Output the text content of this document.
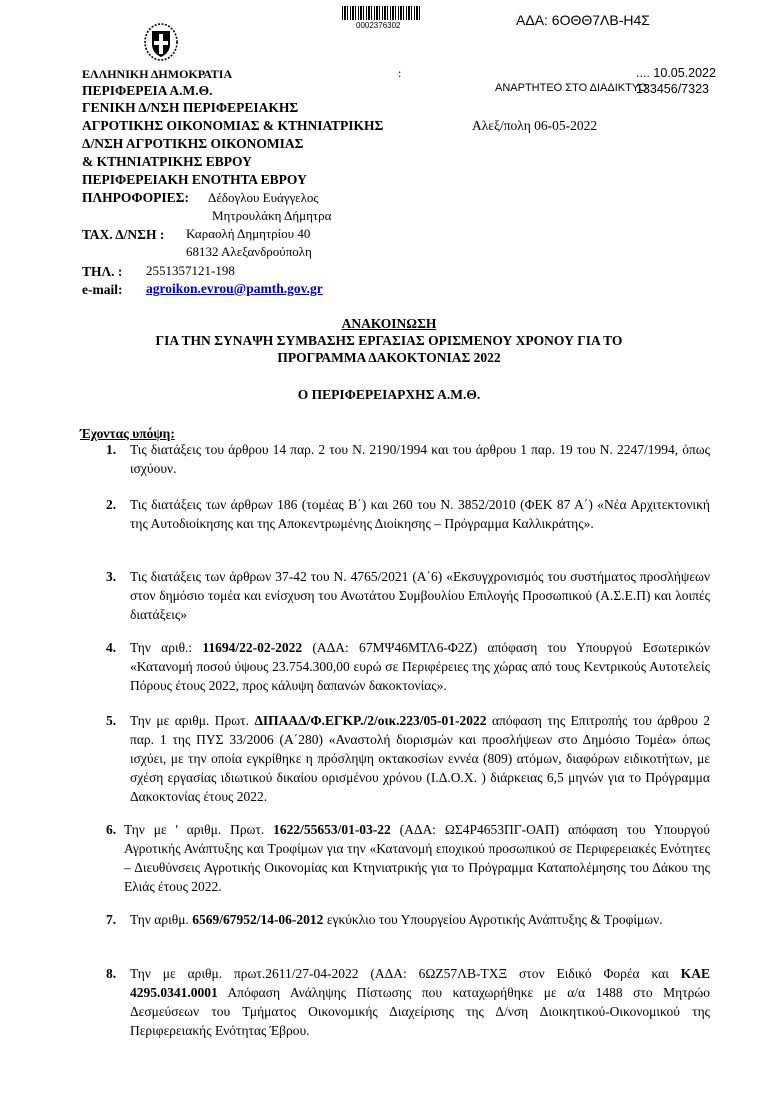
0002376302	ΑΔΑ: 6ΟΘΘ7ΛΒ-Η4Σ
ΕΛΛΗΝΙΚΗ ΔΗΜΟΚΡΑΤΙΑ	:
ΠΕΡΙΦΕΡΕΙΑ Α.Μ.Θ.
ΓΕΝΙΚΗ Δ/ΝΣΗ ΠΕΡΙΦΕΡΕΙΑΚΗΣ
ΑΓΡΟΤΙΚΗΣ ΟΙΚΟΝΟΜΙΑΣ & ΚΤΗΝΙΑΤΡΙΚΗΣ
Δ/ΝΣΗ ΑΓΡΟΤΙΚΗΣ ΟΙΚΟΝΟΜΙΑΣ
& ΚΤΗΝΙΑΤΡΙΚΗΣ ΕΒΡΟΥ
ΠΕΡΙΦΕΡΕΙΑΚΗ ΕΝΟΤΗΤΑ ΕΒΡΟΥ
ΠΛΗΡΟΦΟΡΙΕΣ: Δέδογλου Ευάγγελος
Μητρουλάκη Δήμητρα
ΤΑΧ. Δ/ΝΣΗ : Καραολή Δημητρίου 40
68132 Αλεξανδρούπολη
ΤΗΛ. : 2551357121-198
e-mail: agroikon.evrou@pamth.gov.gr
.... 10.05.2022
ΑΝΑΡΤΗΤΕΟ ΣΤΟ ΔΙΑΔΙΚΤΥΟ
133456/7323
Αλεξ/πολη 06-05-2022
ΑΝΑΚΟΙΝΩΣΗ
ΓΙΑ ΤΗΝ ΣΥΝΑΨΗ ΣΥΜΒΑΣΗΣ ΕΡΓΑΣΙΑΣ ΟΡΙΣΜΕΝΟΥ ΧΡΟΝΟΥ ΓΙΑ ΤΟ
ΠΡΟΓΡΑΜΜΑ ΔΑΚΟΚΤΟΝΙΑΣ 2022
Ο ΠΕΡΙΦΕΡΕΙΑΡΧΗΣ Α.Μ.Θ.
Έχοντας υπόψη:
1.	Τις διατάξεις του άρθρου 14 παρ. 2 του Ν. 2190/1994 και του άρθρου 1 παρ. 19 του Ν. 2247/1994, όπως ισχύουν.
2.	Τις διατάξεις των άρθρων 186 (τομέας Β΄) και 260 του Ν. 3852/2010 (ΦΕΚ 87 Α΄) «Νέα Αρχιτεκτονική της Αυτοδιοίκησης και της Αποκεντρωμένης Διοίκησης – Πρόγραμμα Καλλικράτης».
3.	Τις διατάξεις των άρθρων 37-42 του Ν. 4765/2021 (Α΄6) «Εκσυγχρονισμός του συστήματος προσλήψεων στον δημόσιο τομέα και ενίσχυση του Ανωτάτου Συμβουλίου Επιλογής Προσωπικού (Α.Σ.Ε.Π) και λοιπές διατάξεις»
4.	Την αριθ.: 11694/22-02-2022 (ΑΔΑ: 67ΜΨ46ΜΤΛ6-Φ2Ζ) απόφαση του Υπουργού Εσωτερικών «Κατανομή ποσού ύψους 23.754.300,00 ευρώ σε Περιφέρειες της χώρας από τους Κεντρικούς Αυτοτελείς Πόρους έτους 2022, προς κάλυψη δαπανών δακοκτονίας».
5.	Την με αριθμ. Πρωτ. ΔΙΠΑΑΔ/Φ.ΕΓΚΡ./2/οικ.223/05-01-2022 απόφαση της Επιτροπής του άρθρου 2 παρ. 1 της ΠΥΣ 33/2006 (Α΄280) «Αναστολή διορισμών και προσλήψεων στο Δημόσιο Τομέα» όπως ισχύει, με την οποία εγκρίθηκε η πρόσληψη οκτακοσίων εννέα (809) ατόμων, διαφόρων ειδικοτήτων, με σχέση εργασίας ιδιωτικού δικαίου ορισμένου χρόνου (Ι.Δ.Ο.Χ. ) διάρκειας 6,5 μηνών για το Πρόγραμμα Δακοκτονίας έτους 2022.
6. Την με ' αριθμ. Πρωτ. 1622/55653/01-03-22 (ΑΔΑ: ΩΣ4Ρ4653ΠΓ-ΟΑΠ) απόφαση του Υπουργού Αγροτικής Ανάπτυξης και Τροφίμων για την «Κατανομή εποχικού προσωπικού σε Περιφερειακές Ενότητες – Διευθύνσεις Αγροτικής Οικονομίας και Κτηνιατρικής για το Πρόγραμμα Καταπολέμησης του Δάκου της Ελιάς έτους 2022.
7.	Την αριθμ. 6569/67952/14-06-2012 εγκύκλιο του Υπουργείου Αγροτικής Ανάπτυξης & Τροφίμων.
8.	Την με αριθμ. πρωτ.2611/27-04-2022 (ΑΔΑ: 6ΩΖ57ΛΒ-ΤΧΞ στον Ειδικό Φορέα και ΚΑΕ 4295.0341.0001 Απόφαση Ανάληψης Πίστωσης που καταχωρήθηκε με α/α 1488 στο Μητρώο Δεσμεύσεων του Τμήματος Οικονομικής Διαχείρισης της Δ/νση Διοικητικού-Οικονομικού της Περιφερειακής Ενότητας Έβρου.
